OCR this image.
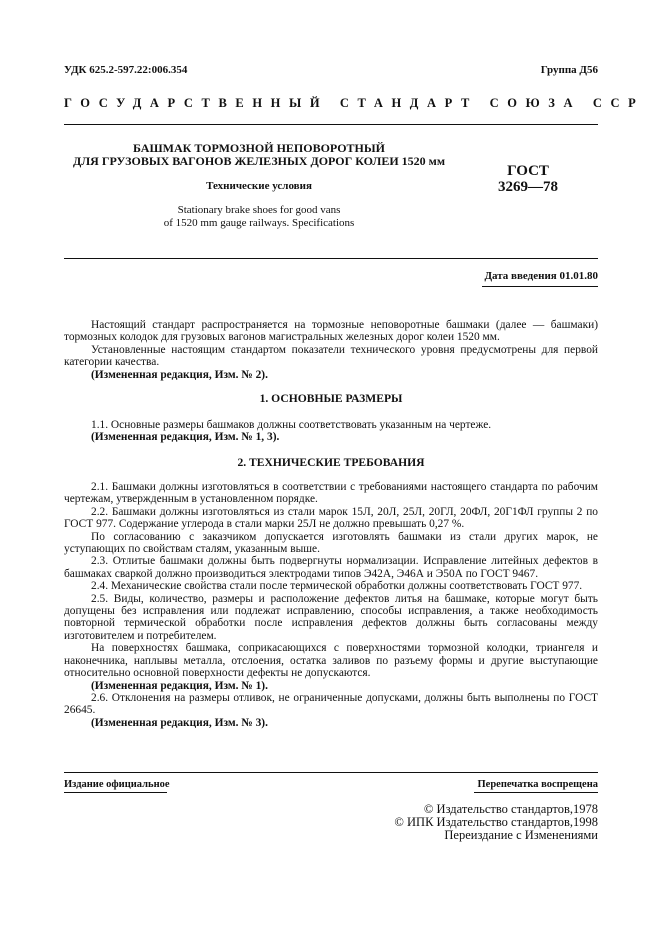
УДК 625.2-597.22:006.354	Группа Д56
ГОСУДАРСТВЕННЫЙ СТАНДАРТ СОЮЗА ССР
БАШМАК ТОРМОЗНОЙ НЕПОВОРОТНЫЙ
ДЛЯ ГРУЗОВЫХ ВАГОНОВ ЖЕЛЕЗНЫХ ДОРОГ КОЛЕИ 1520 мм
Технические условия
Stationary brake shoes for good vans
of 1520 mm gauge railways. Specifications
ГОСТ
3269—78
Дата введения 01.01.80

Настоящий стандарт распространяется на тормозные неповоротные башмаки (далее — башмаки) тормозных колодок для грузовых вагонов магистральных железных дорог колеи 1520 мм.

Установленные настоящим стандартом показатели технического уровня предусмотрены для первой категории качества.

(Измененная редакция, Изм. № 2).

1. ОСНОВНЫЕ РАЗМЕРЫ

1.1. Основные размеры башмаков должны соответствовать указанным на чертеже.

(Измененная редакция, Изм. № 1, 3).

2. ТЕХНИЧЕСКИЕ ТРЕБОВАНИЯ

2.1. Башмаки должны изготовляться в соответствии с требованиями настоящего стандарта по рабочим чертежам, утвержденным в установленном порядке.

2.2. Башмаки должны изготовляться из стали марок 15Л, 20Л, 25Л, 20ГЛ, 20ФЛ, 20Г1ФЛ группы 2 по ГОСТ 977. Содержание углерода в стали марки 25Л не должно превышать 0,27 %.

По согласованию с заказчиком допускается изготовлять башмаки из стали других марок, не уступающих по свойствам сталям, указанным выше.

2.3. Отлитые башмаки должны быть подвергнуты нормализации. Исправление литейных дефектов в башмаках сваркой должно производиться электродами типов Э42А, Э46А и Э50А по ГОСТ 9467.

2.4. Механические свойства стали после термической обработки должны соответствовать ГОСТ 977.

2.5. Виды, количество, размеры и расположение дефектов литья на башмаке, которые могут быть допущены без исправления или подлежат исправлению, способы исправления, а также необходимость повторной термической обработки после исправления дефектов должны быть согласованы между изготовителем и потребителем.

На поверхностях башмака, соприкасающихся с поверхностями тормозной колодки, триангеля и наконечника, наплывы металла, отслоения, остатка заливов по разъему формы и другие выступающие относительно основной поверхности дефекты не допускаются.

(Измененная редакция, Изм. № 1).

2.6. Отклонения на размеры отливок, не ограниченные допусками, должны быть выполнены по ГОСТ 26645.

(Измененная редакция, Изм. № 3).

Издание официальное	Перепечатка воспрещена
© Издательство стандартов,1978
© ИПК Издательство стандартов,1998
Переиздание с Изменениями
